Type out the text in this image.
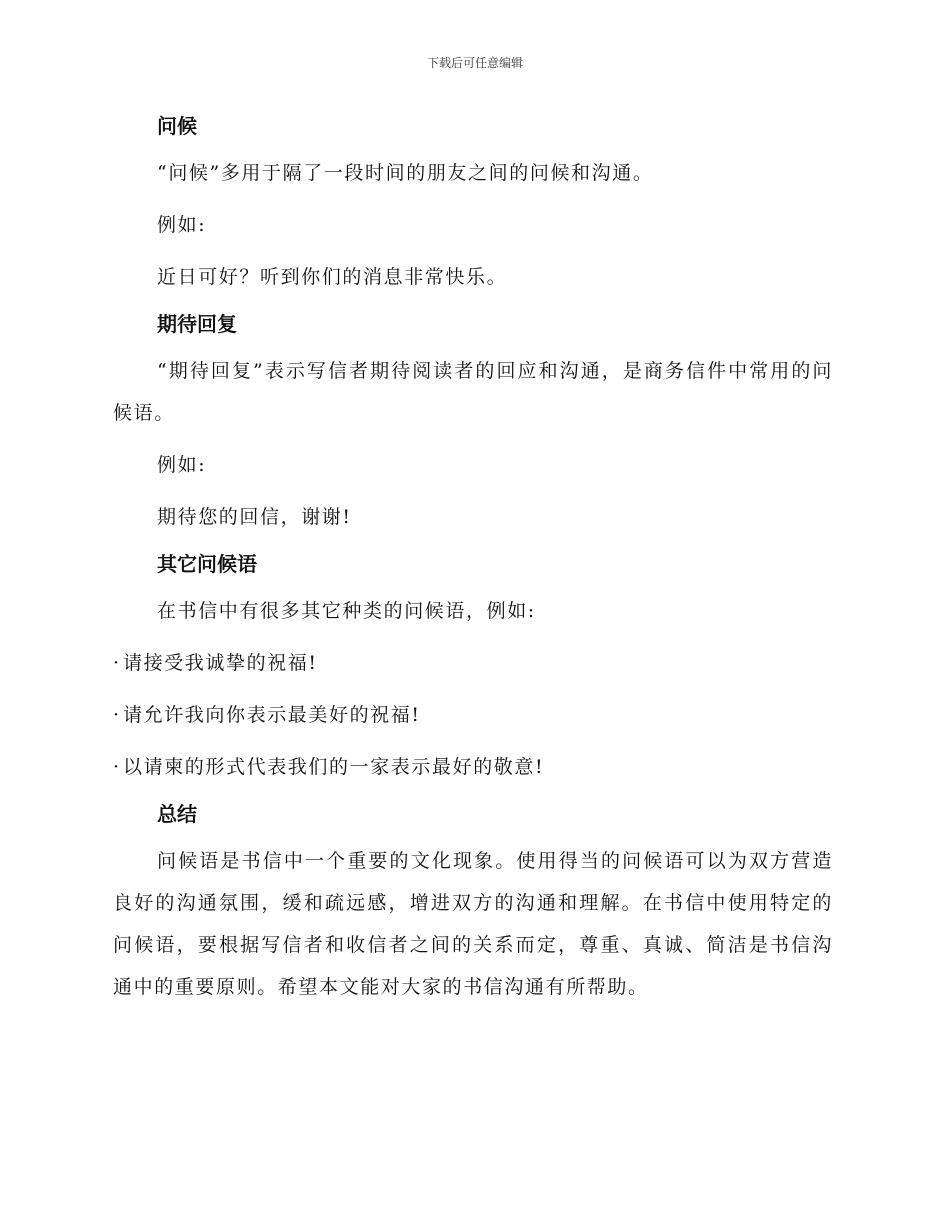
下载后可任意编辑
问候

“问候”多用于隔了一段时间的朋友之间的问候和沟通。

例如:

近日可好？听到你们的消息非常快乐。

期待回复

“期待回复”表示写信者期待阅读者的回应和沟通，是商务信件中常用的问候语。

例如:

期待您的回信，谢谢!

其它问候语

在书信中有很多其它种类的问候语，例如:

· 请接受我诚挚的祝福!

· 请允许我向你表示最美好的祝福!

· 以请柬的形式代表我们的一家表示最好的敬意!

总结

问候语是书信中一个重要的文化现象。使用得当的问候语可以为双方营造良好的沟通氛围，缓和疏远感，增进双方的沟通和理解。在书信中使用特定的问候语，要根据写信者和收信者之间的关系而定，尊重、真诚、简洁是书信沟通中的重要原则。希望本文能对大家的书信沟通有所帮助。
